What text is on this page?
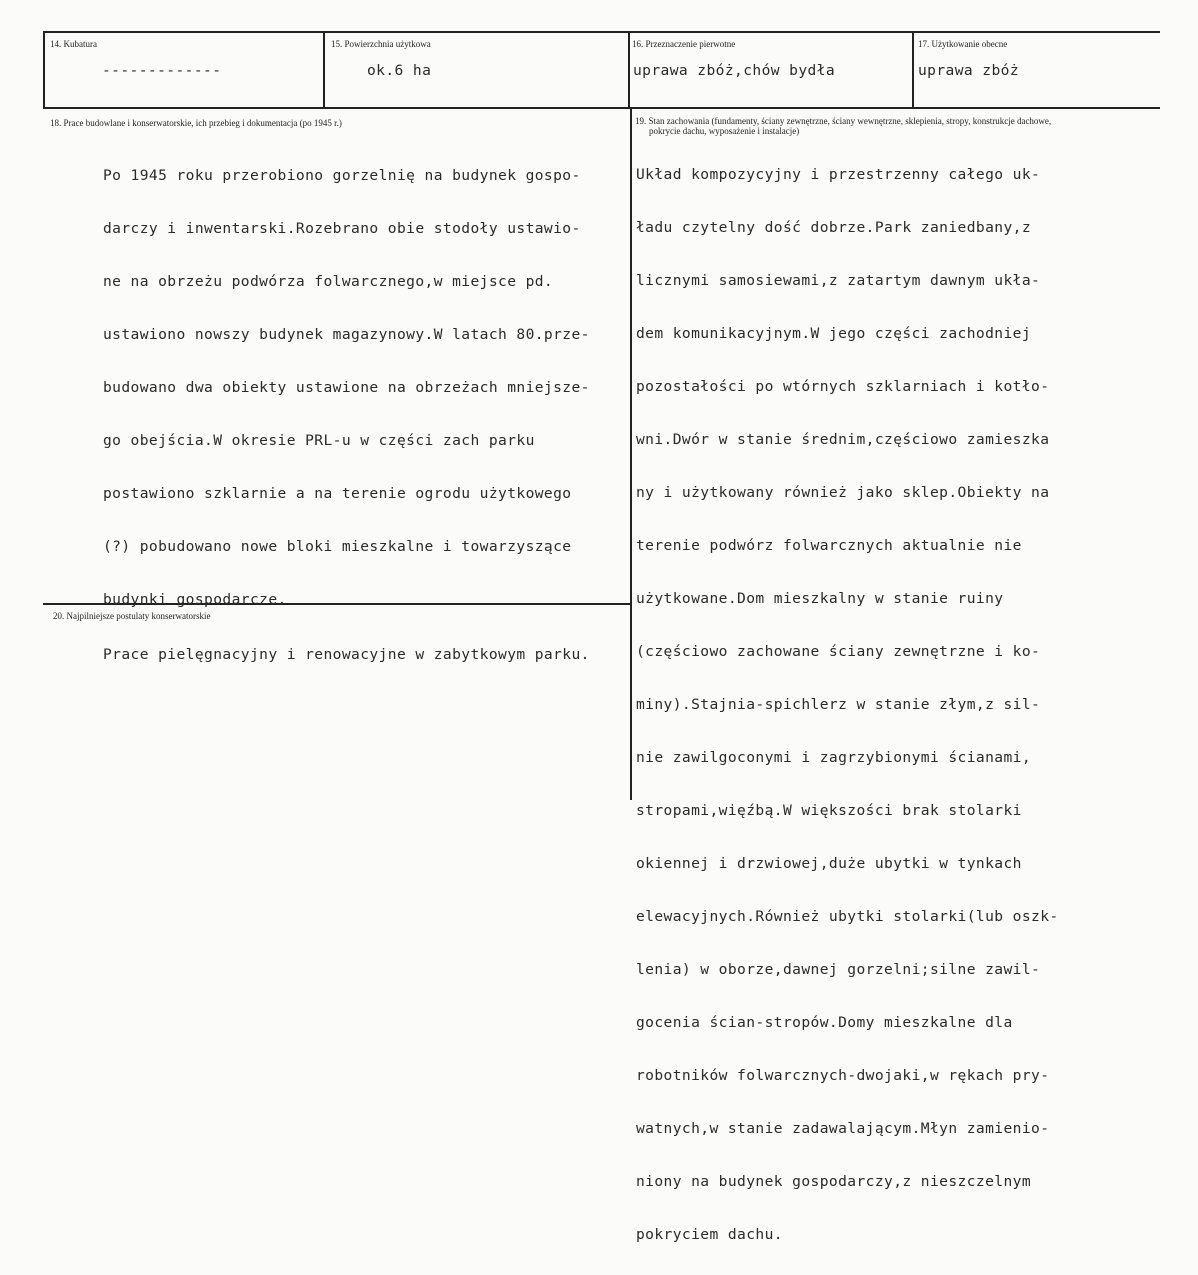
14. Kubatura
-------------
15. Powierzchnia użytkowa
ok.6 ha
16. Przeznaczenie pierwotne
uprawa zbóż,chów bydła
17. Użytkowanie obecne
uprawa zbóż
18. Prace budowlane i konserwatorskie, ich przebieg i dokumentacja (po 1945 r.)

Po 1945 roku przerobiono gorzelnię na budynek gospo-

darczy i inwentarski.Rozebrano obie stodoły ustawio-

ne na obrzeżu podwórza folwarcznego,w miejsce pd.

ustawiono nowszy budynek magazynowy.W latach 80.prze-

budowano dwa obiekty ustawione na obrzeżach mniejsze-

go obejścia.W okresie PRL-u w części zach parku

postawiono szklarnie a na terenie ogrodu użytkowego

(?) pobudowano nowe bloki mieszkalne i towarzyszące

budynki gospodarcze.

19. Stan zachowania (fundamenty, ściany zewnętrzne, ściany wewnętrzne, sklepienia, stropy, konstrukcje dachowe,
pokrycie dachu, wyposażenie i instalacje)

Układ kompozycyjny i przestrzenny całego uk-

ładu czytelny dość dobrze.Park zaniedbany,z

licznymi samosiewami,z zatartym dawnym ukła-

dem komunikacyjnym.W jego części zachodniej

pozostałości po wtórnych szklarniach i kotło-

wni.Dwór w stanie średnim,częściowo zamieszka

ny i użytkowany również jako sklep.Obiekty na

terenie podwórz folwarcznych aktualnie nie

użytkowane.Dom mieszkalny w stanie ruiny

(częściowo zachowane ściany zewnętrzne i ko-

miny).Stajnia-spichlerz w stanie złym,z sil-

nie zawilgoconymi i zagrzybionymi ścianami,

stropami,więźbą.W większości brak stolarki

okiennej i drzwiowej,duże ubytki w tynkach

elewacyjnych.Również ubytki stolarki(lub oszk-

lenia) w oborze,dawnej gorzelni;silne zawil-

gocenia ścian-stropów.Domy mieszkalne dla

robotników folwarcznych-dwojaki,w rękach pry-

watnych,w stanie zadawalającym.Młyn zamienio-

niony na budynek gospodarczy,z nieszczelnym

pokryciem dachu.

20. Najpilniejsze postulaty konserwatorskie
Prace pielęgnacyjny i renowacyjne w zabytkowym parku.
